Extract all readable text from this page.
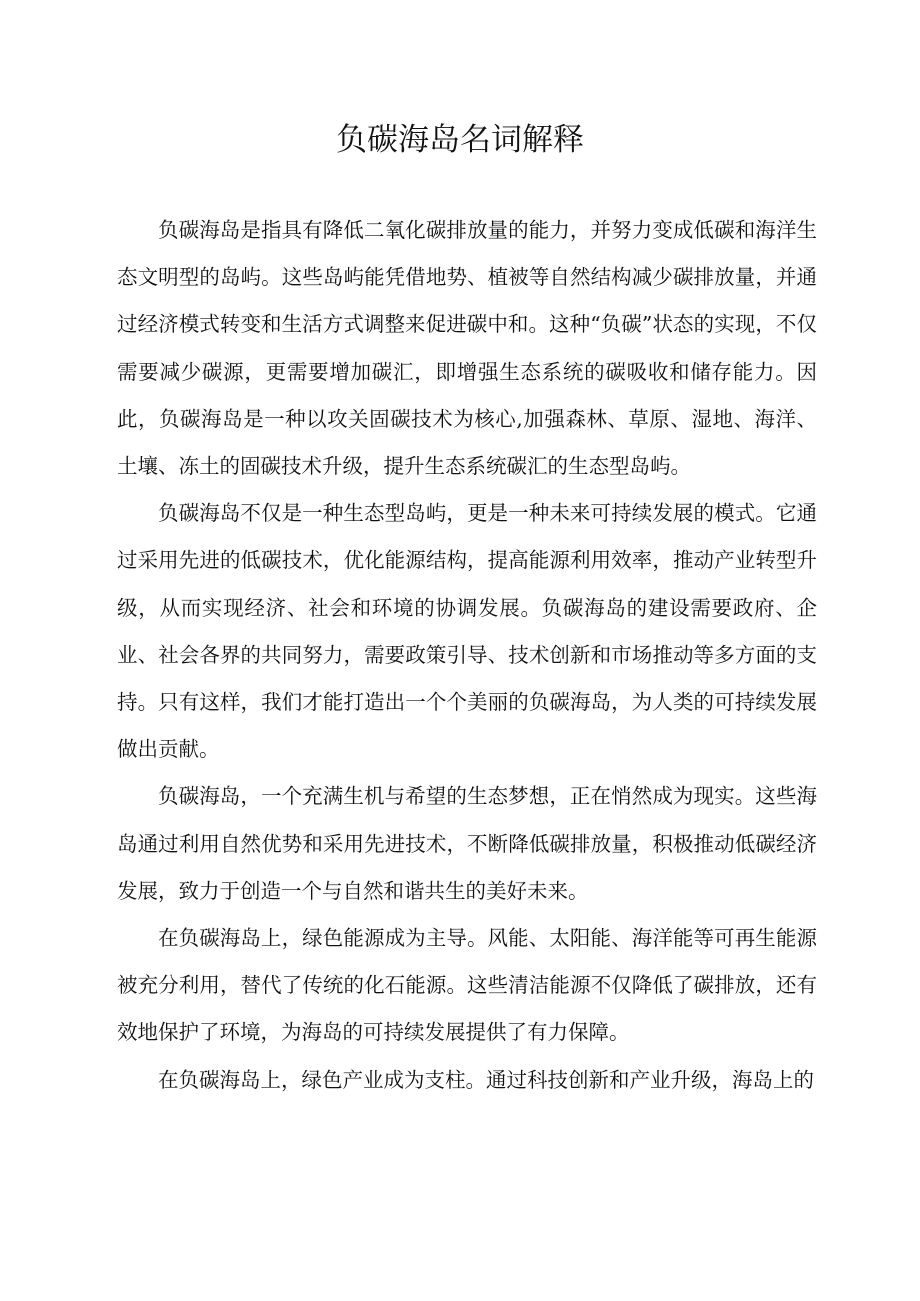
负碳海岛名词解释

负碳海岛是指具有降低二氧化碳排放量的能力，并努力变成低碳和海洋生态文明型的岛屿。这些岛屿能凭借地势、植被等自然结构减少碳排放量，并通过经济模式转变和生活方式调整来促进碳中和。这种“负碳”状态的实现，不仅需要减少碳源，更需要增加碳汇，即增强生态系统的碳吸收和储存能力。因此，负碳海岛是一种以攻关固碳技术为核心,加强森林、草原、湿地、海洋、土壤、冻土的固碳技术升级，提升生态系统碳汇的生态型岛屿。

负碳海岛不仅是一种生态型岛屿，更是一种未来可持续发展的模式。它通过采用先进的低碳技术，优化能源结构，提高能源利用效率，推动产业转型升级，从而实现经济、社会和环境的协调发展。负碳海岛的建设需要政府、企业、社会各界的共同努力，需要政策引导、技术创新和市场推动等多方面的支持。只有这样，我们才能打造出一个个美丽的负碳海岛，为人类的可持续发展做出贡献。

负碳海岛，一个充满生机与希望的生态梦想，正在悄然成为现实。这些海岛通过利用自然优势和采用先进技术，不断降低碳排放量，积极推动低碳经济发展，致力于创造一个与自然和谐共生的美好未来。

在负碳海岛上，绿色能源成为主导。风能、太阳能、海洋能等可再生能源被充分利用，替代了传统的化石能源。这些清洁能源不仅降低了碳排放，还有效地保护了环境，为海岛的可持续发展提供了有力保障。

在负碳海岛上，绿色产业成为支柱。通过科技创新和产业升级，海岛上的
